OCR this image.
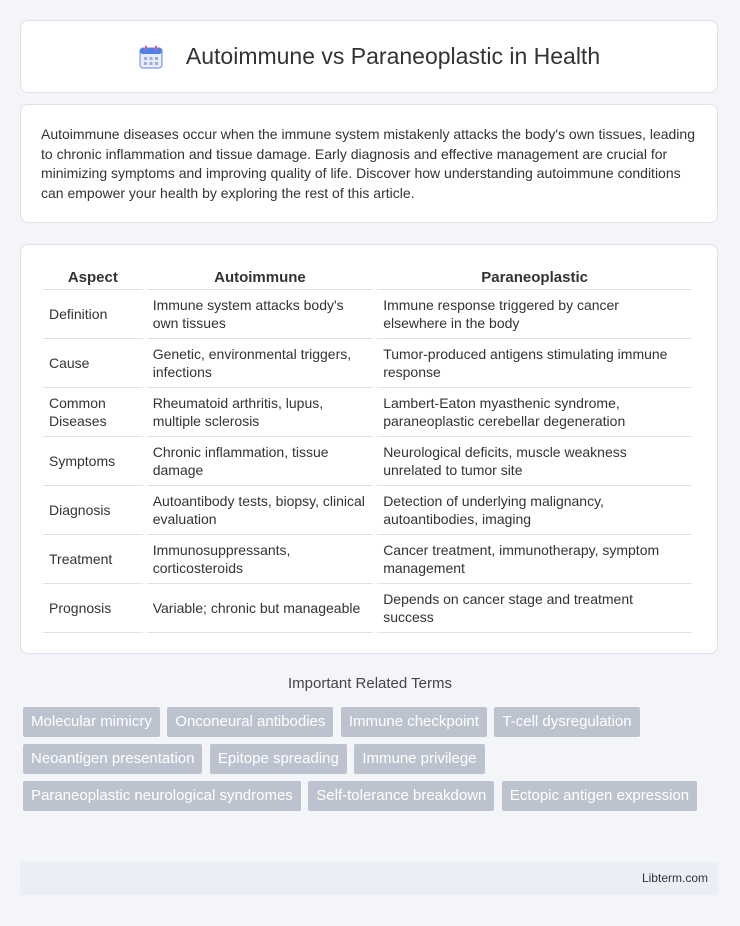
Autoimmune vs Paraneoplastic in Health

Autoimmune diseases occur when the immune system mistakenly attacks the body's own tissues, leading to chronic inflammation and tissue damage. Early diagnosis and effective management are crucial for minimizing symptoms and improving quality of life. Discover how understanding autoimmune conditions can empower your health by exploring the rest of this article.

Aspect	Autoimmune	Paraneoplastic
Definition	Immune system attacks body's own tissues	Immune response triggered by cancer elsewhere in the body
Cause	Genetic, environmental triggers, infections	Tumor-produced antigens stimulating immune response
Common Diseases	Rheumatoid arthritis, lupus, multiple sclerosis	Lambert-Eaton myasthenic syndrome, paraneoplastic cerebellar degeneration
Symptoms	Chronic inflammation, tissue damage	Neurological deficits, muscle weakness unrelated to tumor site
Diagnosis	Autoantibody tests, biopsy, clinical evaluation	Detection of underlying malignancy, autoantibodies, imaging
Treatment	Immunosuppressants, corticosteroids	Cancer treatment, immunotherapy, symptom management
Prognosis	Variable; chronic but manageable	Depends on cancer stage and treatment success
Important Related Terms
Molecular mimicry Onconeural antibodies Immune checkpoint T-cell dysregulation Neoantigen presentation Epitope spreading Immune privilege Paraneoplastic neurological syndromes Self-tolerance breakdown Ectopic antigen expression
Libterm.com
